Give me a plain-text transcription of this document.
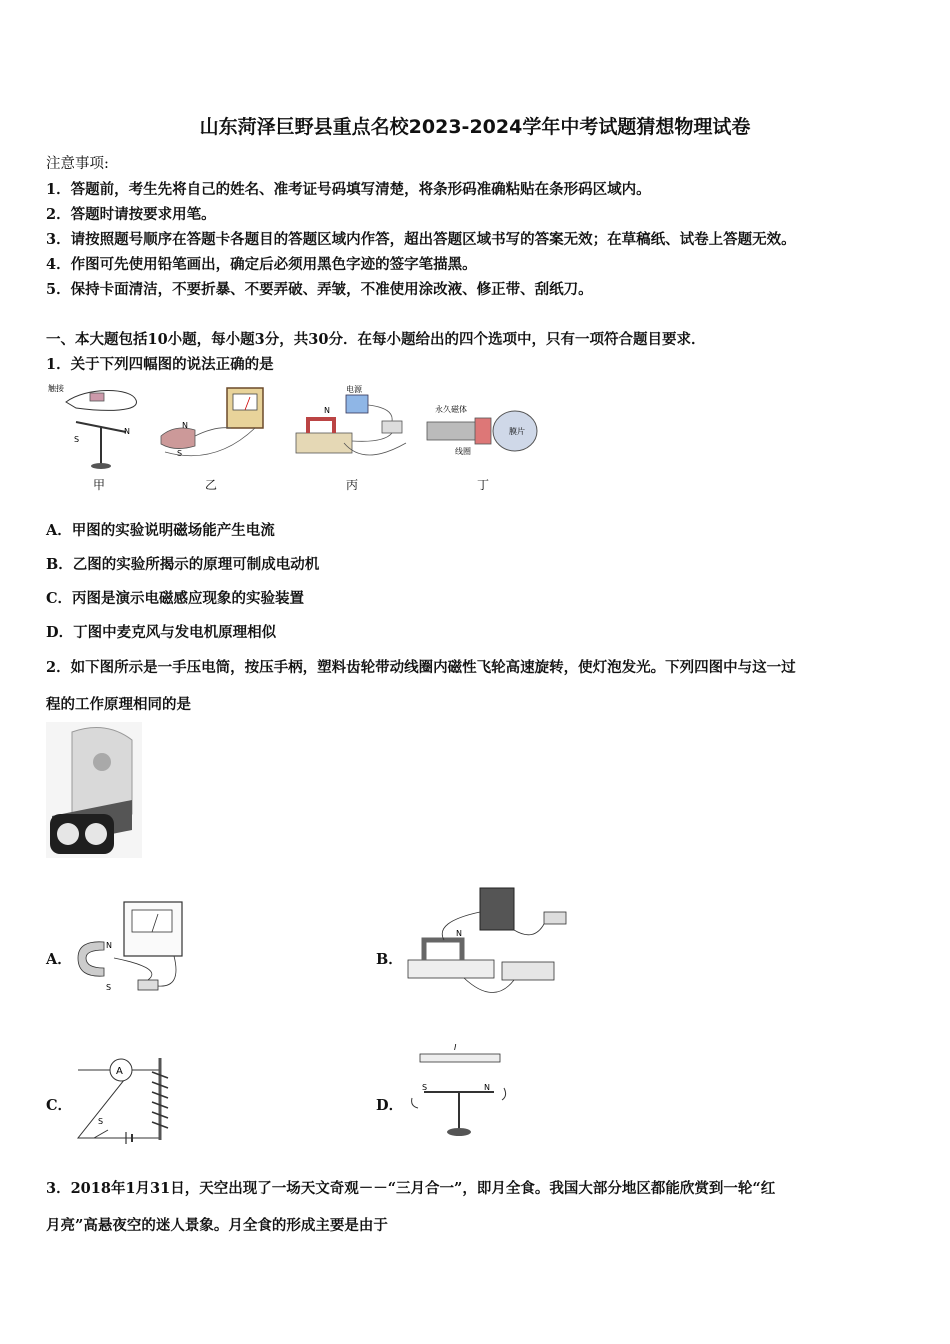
山东菏泽巨野县重点名校2023-2024学年中考试题猜想物理试卷
注意事项:
1．答题前，考生先将自己的姓名、准考证号码填写清楚，将条形码准确粘贴在条形码区域内。
2．答题时请按要求用笔。
3．请按照题号顺序在答题卡各题目的答题区域内作答，超出答题区域书写的答案无效；在草稿纸、试卷上答题无效。
4．作图可先使用铅笔画出，确定后必须用黑色字迹的签字笔描黑。
5．保持卡面清洁，不要折暴、不要弄破、弄皱，不准使用涂改液、修正带、刮纸刀。
一、本大题包括10小题，每小题3分，共30分．在每小题给出的四个选项中，只有一项符合题目要求．
1．关于下列四幅图的说法正确的是
触接
S
N
甲
N
S
乙
电源
N
丙
永久磁体
膜片
线圈
丁
A．甲图的实验说明磁场能产生电流
B．乙图的实验所揭示的原理可制成电动机
C．丙图是演示电磁感应现象的实验装置
D．丁图中麦克风与发电机原理相似
2．如下图所示是一手压电筒，按压手柄，塑料齿轮带动线圈内磁性飞轮高速旋转，使灯泡发光。下列四图中与这一过
程的工作原理相同的是
A．
N
S
B．
N
C．
A
S
D．
I
S	N
3．2018年1月31日，天空出现了一场天文奇观－－“三月合一”，即月全食。我国大部分地区都能欣赏到一轮“红
月亮”高悬夜空的迷人景象。月全食的形成主要是由于
